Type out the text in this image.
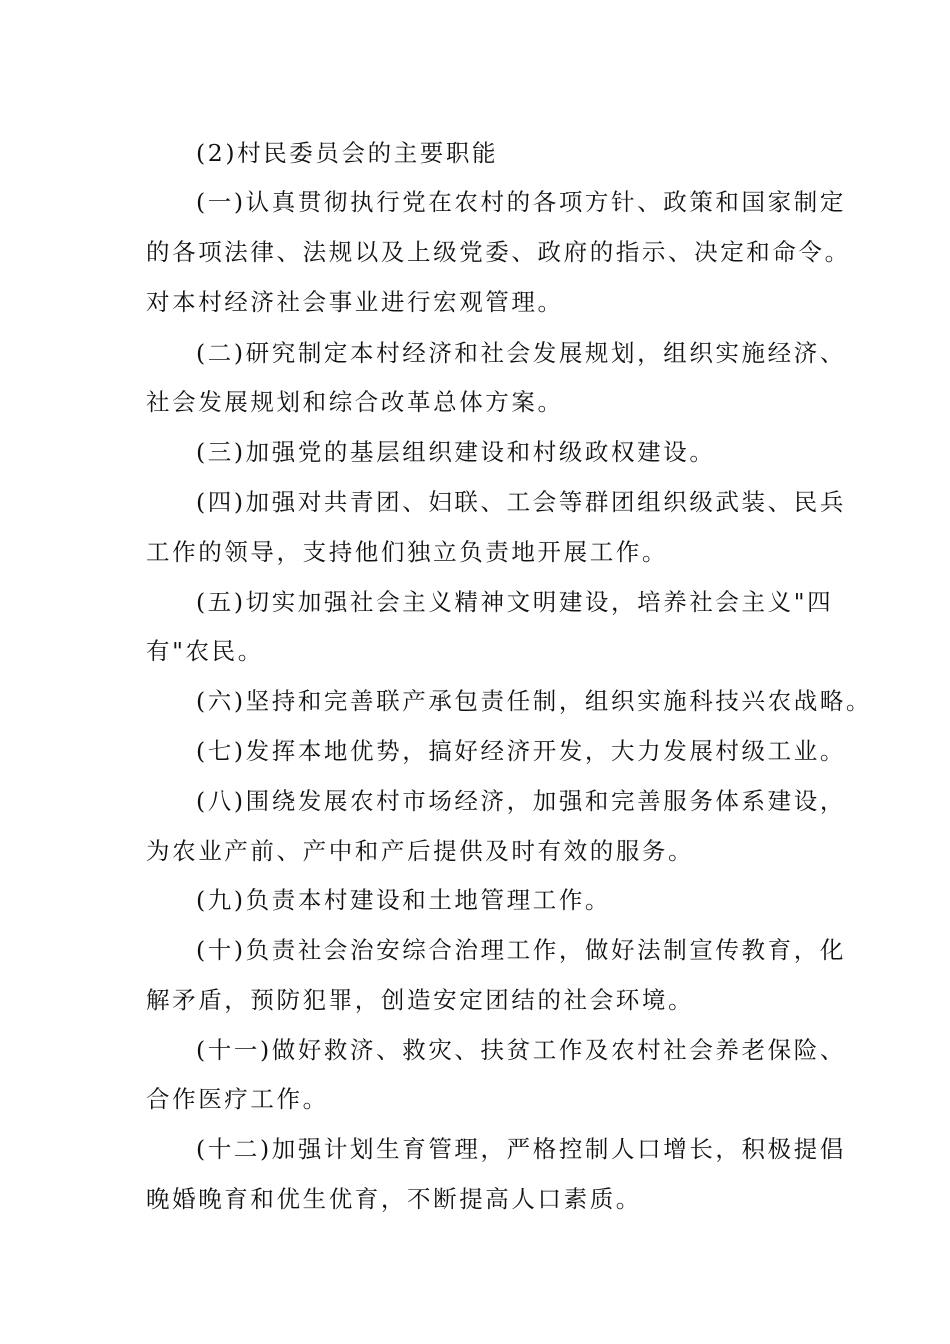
(2)村民委员会的主要职能
(一)认真贯彻执行党在农村的各项方针、政策和国家制定
的各项法律、法规以及上级党委、政府的指示、决定和命令。
对本村经济社会事业进行宏观管理。
(二)研究制定本村经济和社会发展规划，组织实施经济、
社会发展规划和综合改革总体方案。
(三)加强党的基层组织建设和村级政权建设。
(四)加强对共青团、妇联、工会等群团组织级武装、民兵
工作的领导，支持他们独立负责地开展工作。
(五)切实加强社会主义精神文明建设，培养社会主义"四
有"农民。
(六)坚持和完善联产承包责任制，组织实施科技兴农战略。
(七)发挥本地优势，搞好经济开发，大力发展村级工业。
(八)围绕发展农村市场经济，加强和完善服务体系建设，
为农业产前、产中和产后提供及时有效的服务。
(九)负责本村建设和土地管理工作。
(十)负责社会治安综合治理工作，做好法制宣传教育，化
解矛盾，预防犯罪，创造安定团结的社会环境。
(十一)做好救济、救灾、扶贫工作及农村社会养老保险、
合作医疗工作。
(十二)加强计划生育管理，严格控制人口增长，积极提倡
晚婚晚育和优生优育，不断提高人口素质。
